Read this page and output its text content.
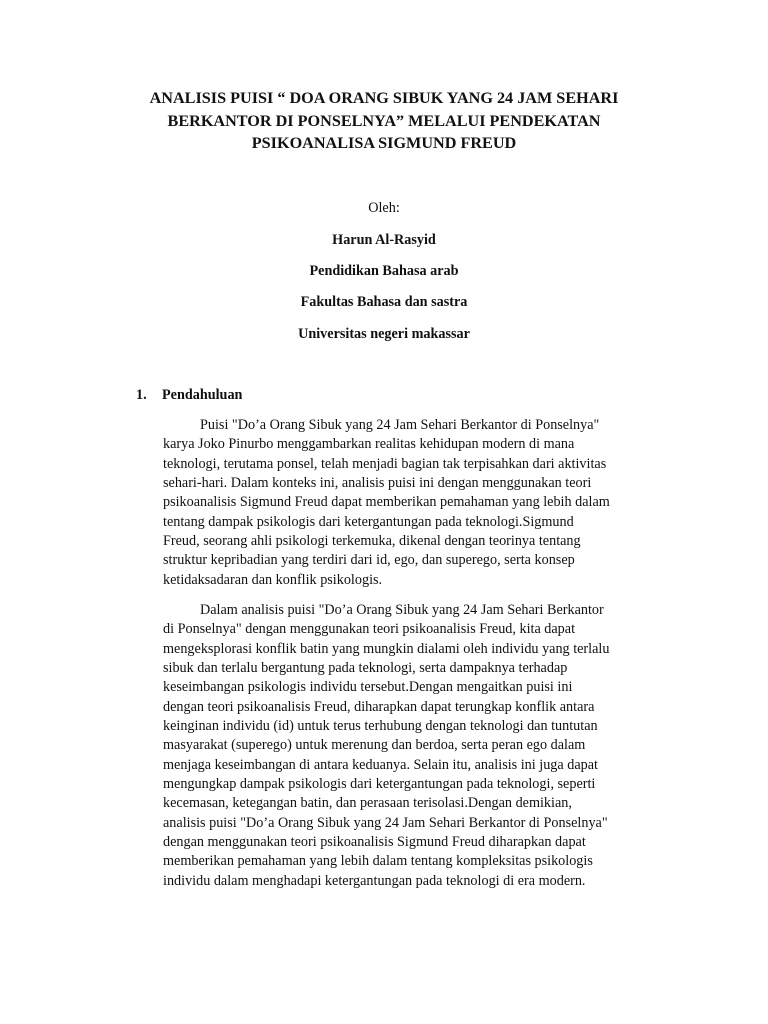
ANALISIS PUISI “ DOA ORANG SIBUK YANG 24 JAM SEHARI
BERKANTOR DI PONSELNYA” MELALUI PENDEKATAN
PSIKOANALISA SIGMUND FREUD

Oleh:

Harun Al-Rasyid

Pendidikan Bahasa arab

Fakultas Bahasa dan sastra

Universitas negeri makassar

1. Pendahuluan

Puisi "Do’a Orang Sibuk yang 24 Jam Sehari Berkantor di Ponselnya"
karya Joko Pinurbo menggambarkan realitas kehidupan modern di mana
teknologi, terutama ponsel, telah menjadi bagian tak terpisahkan dari aktivitas
sehari-hari. Dalam konteks ini, analisis puisi ini dengan menggunakan teori
psikoanalisis Sigmund Freud dapat memberikan pemahaman yang lebih dalam
tentang dampak psikologis dari ketergantungan pada teknologi.Sigmund
Freud, seorang ahli psikologi terkemuka, dikenal dengan teorinya tentang
struktur kepribadian yang terdiri dari id, ego, dan superego, serta konsep
ketidaksadaran dan konflik psikologis.

Dalam analisis puisi "Do’a Orang Sibuk yang 24 Jam Sehari Berkantor
di Ponselnya" dengan menggunakan teori psikoanalisis Freud, kita dapat
mengeksplorasi konflik batin yang mungkin dialami oleh individu yang terlalu
sibuk dan terlalu bergantung pada teknologi, serta dampaknya terhadap
keseimbangan psikologis individu tersebut.Dengan mengaitkan puisi ini
dengan teori psikoanalisis Freud, diharapkan dapat terungkap konflik antara
keinginan individu (id) untuk terus terhubung dengan teknologi dan tuntutan
masyarakat (superego) untuk merenung dan berdoa, serta peran ego dalam
menjaga keseimbangan di antara keduanya. Selain itu, analisis ini juga dapat
mengungkap dampak psikologis dari ketergantungan pada teknologi, seperti
kecemasan, ketegangan batin, dan perasaan terisolasi.Dengan demikian,
analisis puisi "Do’a Orang Sibuk yang 24 Jam Sehari Berkantor di Ponselnya"
dengan menggunakan teori psikoanalisis Sigmund Freud diharapkan dapat
memberikan pemahaman yang lebih dalam tentang kompleksitas psikologis
individu dalam menghadapi ketergantungan pada teknologi di era modern.
